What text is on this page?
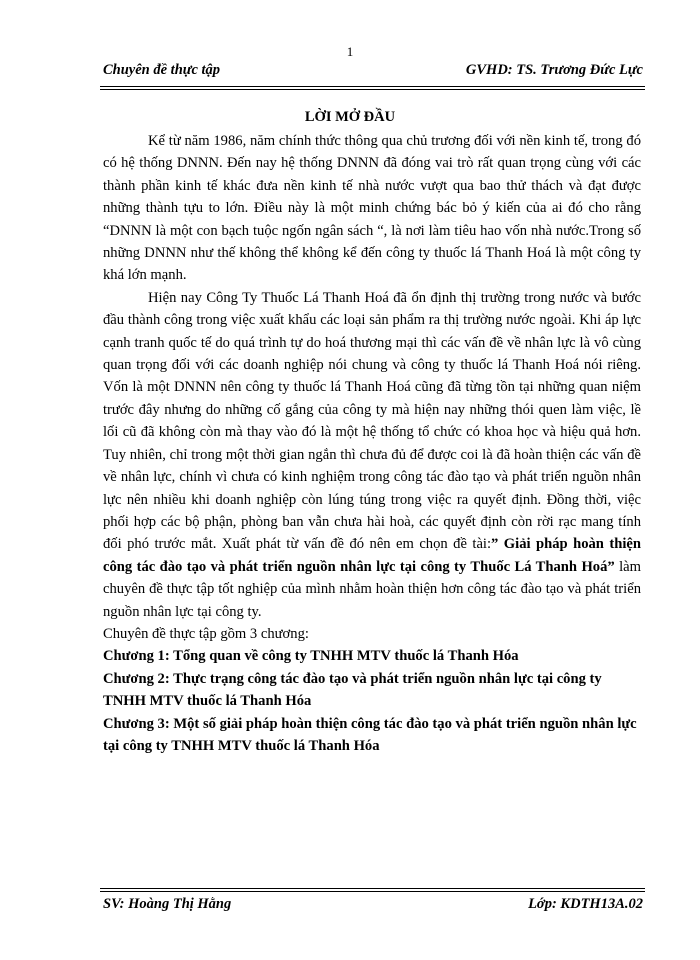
1
Chuyên đề thực tập	GVHD: TS. Trương Đức Lực
LỜI MỞ ĐẦU

Kể từ năm 1986, năm chính thức thông qua chủ trương đối với nền kinh tế, trong đó có hệ thống DNNN. Đến nay hệ thống DNNN đã đóng vai trò rất quan trọng cùng với các thành phần kinh tế khác đưa nền kinh tế nhà nước vượt qua bao thử thách và đạt được những thành tựu to lớn. Điều này là một minh chứng bác bỏ ý kiến của ai đó cho rằng “DNNN là một con bạch tuộc ngốn ngân sách “, là nơi làm tiêu hao vốn nhà nước.Trong số những DNNN như thế không thể không kể đến công ty thuốc lá Thanh Hoá là một công ty khá lớn mạnh.

Hiện nay Công Ty Thuốc Lá Thanh Hoá đã ổn định thị trường trong nước và bước đầu thành công trong việc xuất khẩu các loại sản phẩm ra thị trường nước ngoài. Khi áp lực cạnh tranh quốc tế do quá trình tự do hoá thương mại thì các vấn đề về nhân lực là vô cùng quan trọng đối với các doanh nghiệp nói chung và công ty thuốc lá Thanh Hoá nói riêng. Vốn là một DNNN nên công ty thuốc lá Thanh Hoá cũng đã từng tồn tại những quan niệm trước đây nhưng do những cố gắng của công ty mà hiện nay những thói quen làm việc, lề lối cũ đã không còn mà thay vào đó là một hệ thống tổ chức có khoa học và hiệu quả hơn. Tuy nhiên, chỉ trong một thời gian ngắn thì chưa đủ để được coi là đã hoàn thiện các vấn đề về nhân lực, chính vì chưa có kinh nghiệm trong công tác đào tạo và phát triển nguồn nhân lực nên nhiều khi doanh nghiệp còn lúng túng trong việc ra quyết định. Đồng thời, việc phối hợp các bộ phận, phòng ban vẫn chưa hài hoà, các quyết định còn rời rạc mang tính đối phó trước mắt. Xuất phát từ vấn đề đó nên em chọn đề tài:” Giải pháp hoàn thiện công tác đào tạo và phát triển nguồn nhân lực tại công ty Thuốc Lá Thanh Hoá” làm chuyên đề thực tập tốt nghiệp của mình nhằm hoàn thiện hơn công tác đào tạo và phát triển nguồn nhân lực tại công ty.

Chuyên đề thực tập gồm 3 chương:

Chương 1: Tổng quan về công ty TNHH MTV thuốc lá Thanh Hóa

Chương 2: Thực trạng công tác đào tạo và phát triển nguồn nhân lực tại công ty TNHH MTV thuốc lá Thanh Hóa

Chương 3: Một số giải pháp hoàn thiện công tác đào tạo và phát triển nguồn nhân lực tại công ty TNHH MTV thuốc lá Thanh Hóa

SV: Hoàng Thị Hằng	Lớp: KDTH13A.02
